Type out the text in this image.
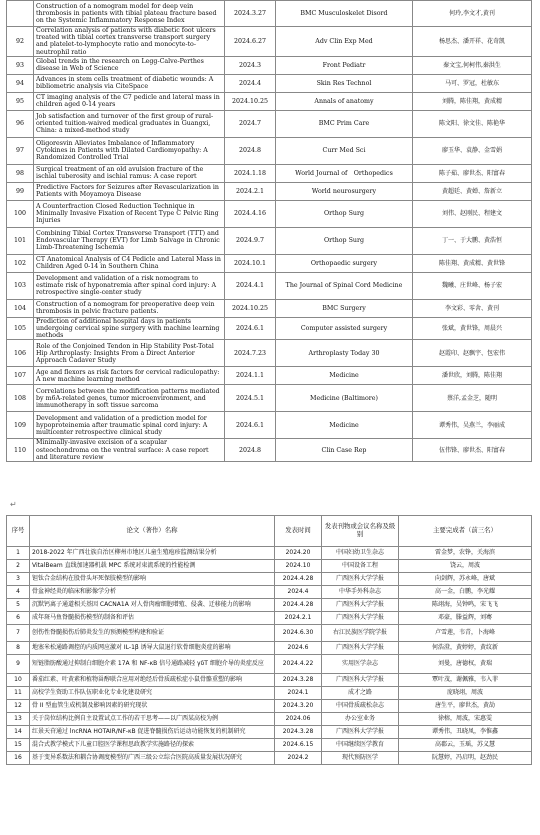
	Construction of a nomogram model for deep vein thrombosis in patients with tibial plateau fracture based on the Systemic Inflammatory Response Index	2024.3.27	BMC Musculoskelet Disord	何玲,李文才,黄刊
92	Correlation analysis of patients with diabetic foot ulcers treated with tibial cortex transverse transport surgery and platelet-to-lymphocyte ratio and monocyte-to-neutrophil ratio	2024.6.27	Adv Clin Exp Med	杨思杰、潘开祥、花奇凯
93	Global trends in the research on Legg-Calve-Perthes disease in Web of Science	2024.3	Front Pediatr	秦文宝,何柯伟,秦洪生
94	Advances in stem cells treatment of diabetic wounds: A bibliometric analysis via CiteSpace	2024.4	Skin Res Technol	马可、罗冠，杜敏东
95	CT imaging analysis of the C7 pedicle and lateral mass in children aged 0-14 years	2024.10.25	Annals of anatomy	刘腾，陈佳翔，黄成精
96	Job satisfaction and turnover of the first group of rural-oriented tuition-waived medical graduates in Guangxi, China: a mixed-method study	2024.7	BMC Prim Care	陈文阳、徐文佳、陈艳华
97	Oligoresvin Alleviates Imbalance of Inflammatory Cytokines in Patients with Dilated Cardiomyopathy: A Randomized Controlled Trial	2024.8	Curr Med Sci	廖玉华、袁静、金雪娟
98	Surgical treatment of an old avulsion fracture of the ischial tuberosity and ischial ramus: A case report	2024.1.18	World Journal of　Orthopedics	陈子茹、廖世杰、阳富春
99	Predictive Factors for Seizures after Revascularization in Patients with Moyamoya Disease	2024.2.1	World neurosurgery	黄超廷、黄婵、詹新立
100	A Counterfraction Closed Reduction Technique in Minimally Invasive Fixation of Recent Type C Pelvic Ring Injuries	2024.4.16	Orthop Surg	刘伟、赵刚民、程建文
101	Combining Tibial Cortex Transverse Transport (TTT) and Endovascular Therapy (EVT) for Limb Salvage in Chronic Limb-Threatening Ischemia	2024.9.7	Orthop Surg	丁一、于大鹏、黄浩恒
102	CT Anatomical Analysis of C4 Pedicle and Lateral Mass in Children Aged 0-14 in Southern China	2024.10.1	Orthopaedic surgery	陈佳翔、黄成精、黄世锋
103	Development and validation of a risk nomogram to estimate risk of hyponatremia after spinal cord injury: A retrospective single-center study	2024.4.1	The Journal of Spinal Cord Medicine	魏曦、庄世峰、杨子宏
104	Construction of a nomogram for preoperative deep vein thrombosis in pelvic fracture patients.	2024.10.25	BMC Surgery	李文彩、零舍、黄刊
105	Prediction of additional hospital days in patients undergoing cervical spine surgery with machine learning methods	2024.6.1	Computer assisted surgery	张斌，黄世锋，周晨兴
106	Role of the Conjoined Tendon in Hip Stability Post-Total Hip Arthroplasty: Insights From a Direct Anterior Approach Cadaver Study	2024.7.23	Arthroplasty Today 30	赵霞印、赵飘宇、包宏伟
107	Age and flexors as risk factors for cervical radiculopathy: A new machine learning method	2024.1.1	Medicine	潘世欣，刘腾，陈佳翔
108	Correlations between the modification patterns mediated by m6A-related genes, tumor microenvironment, and immunotherapy in soft tissue sarcoma	2024.5.1	Medicine (Baltimore)	蔡洋,孟金芝，随明
109	Development and validation of a prediction model for hypoproteinemia after traumatic spinal cord injury: A multicenter retrospective clinical study	2024.6.1	Medicine	谭秀伟，吴燕兰，李丽成
110	Minimally-invasive excision of a scapular osteochondroma on the ventral surface: A case report and literature review	2024.8	Clin Case Rep	伍伟锋、廖世杰、阳富春
↵
序号	论文（著作）名称	发表时间	发表刊物或会议名称及级别	主要完成者（前三名）
1	2018-2022 年广西壮族自治区柳州市地区儿童生殖疱疹监测结果分析	2024.20	中国妇幼卫生杂志	雷金梦，农铮，关海滨
2	VitalBeam 直线加速器机载 MPC 系统对束流系统的性能检测	2024.10	中国设备工程	饶云，周波
3	钽钛合金结构在股骨头坏死保肢模型的影响	2024.4.28	广西医科大学学报	向剑辉，苏永峰，唐斌
4	骨盆神经炎的临床和影像学分析	2024.4	中华手外科杂志	高一金，白鹏，李光耀
5	沉默钙离子通道相关基因 CACNA1A 对人骨肉瘤细胞增殖、侵袭、迁移能力的影响	2024.4.28	广西医科大学学报	陈翊海，吴钟鸣，宋飞飞
6	成年斑马鱼脊髓损伤模型的制备和评估	2024.2.1	广西医科大学学报	邓豪，滕益辉，刘骞
7	创伤性脊髓损伤后肺炎发生的预测模型构建和验证	2024.6.30	右江民族医学院学报	卢雪莲，韦青，卜海峰
8	地塞米松通路调控的内质网应激对 IL-1β 诱导大鼠退行软骨细胞炎症的影响	2024.6	广西医科大学学报	何浩澄，黄婷婷，黄纹新
9	短链脂肪酸通过抑制白细胞介素 17A 和 NF-κB 信号通路减轻 γδT 细胞介导的炎症反应	2024.4.22	实用医学杂志	刘曼，唐德权，黄瑞
10	番茄红素、叶黄素和植物甾醇联合应用对绝经后骨质疏松症小鼠骨骼重塑的影响	2024.3.28	广西医科大学学报	覃叶茂，谢佩雅，韦入菲
11	高校学生资助工作队伍职业化专业化建设研究	2024.1	成才之路	庞晓翊，周波
12	骨 II 型血管生成机制及影响因素的研究现状	2024.3.20	中国骨质疏松杂志	唐生平，廖世杰，黄劼
13	关于岗位结构比例自主设置试点工作的若干思考——以广西某高校为例	2024.06	办公室业务	徐榕，周波，宋惠雯
14	红景天苷通过 lncRNA HOTAIR/NF-κB 促进脊髓损伤后运动功能恢复的机制研究	2024.3.28	广西医科大学学报	谭秀伟，丑晓凤，李惟鑫
15	混合式教学模式下儿童口腔医学课程思政教学实施路径的探索	2024.6.15	中国继续医学教育	高郡云，玉瑶，苏义慧
16	基于变异系数法和耦合协调度模型的广西三级公立综合医院高质量发展状况研究	2024.2	现代预防医学	阮慧婷，冯启明，赵劲民
